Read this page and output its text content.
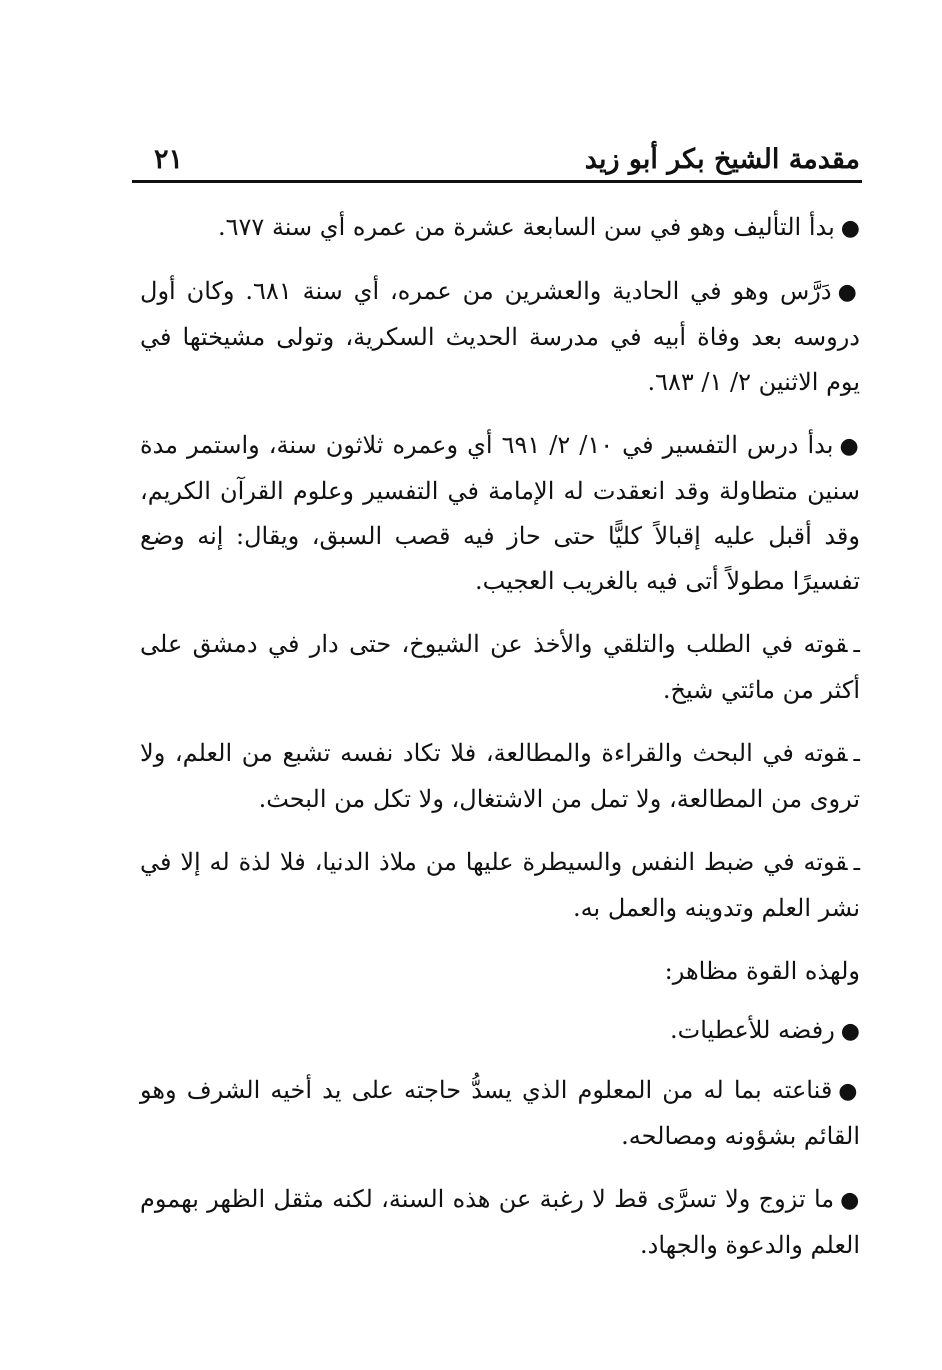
مقدمة الشيخ بكر أبو زيد
٢١

●بدأ التأليف وهو في سن السابعة عشرة من عمره أي سنة ٦٧٧.

●دَرَّس وهو في الحادية والعشرين من عمره، أي سنة ٦٨١. وكان أول دروسه بعد وفاة أبيه في مدرسة الحديث السكرية، وتولى مشيختها في يوم الاثنين ٢/ ١/ ٦٨٣.

●بدأ درس التفسير في ١٠/ ٢/ ٦٩١ أي وعمره ثلاثون سنة، واستمر مدة سنين متطاولة وقد انعقدت له الإمامة في التفسير وعلوم القرآن الكريم، وقد أقبل عليه إقبالاً كليًّا حتى حاز فيه قصب السبق، ويقال: إنه وضع تفسيرًا مطولاً أتى فيه بالغريب العجيب.

ـقوته في الطلب والتلقي والأخذ عن الشيوخ، حتى دار في دمشق على أكثر من مائتي شيخ.

ـقوته في البحث والقراءة والمطالعة، فلا تكاد نفسه تشبع من العلم، ولا تروى من المطالعة، ولا تمل من الاشتغال، ولا تكل من البحث.

ـقوته في ضبط النفس والسيطرة عليها من ملاذ الدنيا، فلا لذة له إلا في نشر العلم وتدوينه والعمل به.

ولهذه القوة مظاهر:

●رفضه للأعطيات.

●قناعته بما له من المعلوم الذي يسدُّ حاجته على يد أخيه الشرف وهو القائم بشؤونه ومصالحه.

●ما تزوج ولا تسرَّى قط لا رغبة عن هذه السنة، لكنه مثقل الظهر بهموم العلم والدعوة والجهاد.
